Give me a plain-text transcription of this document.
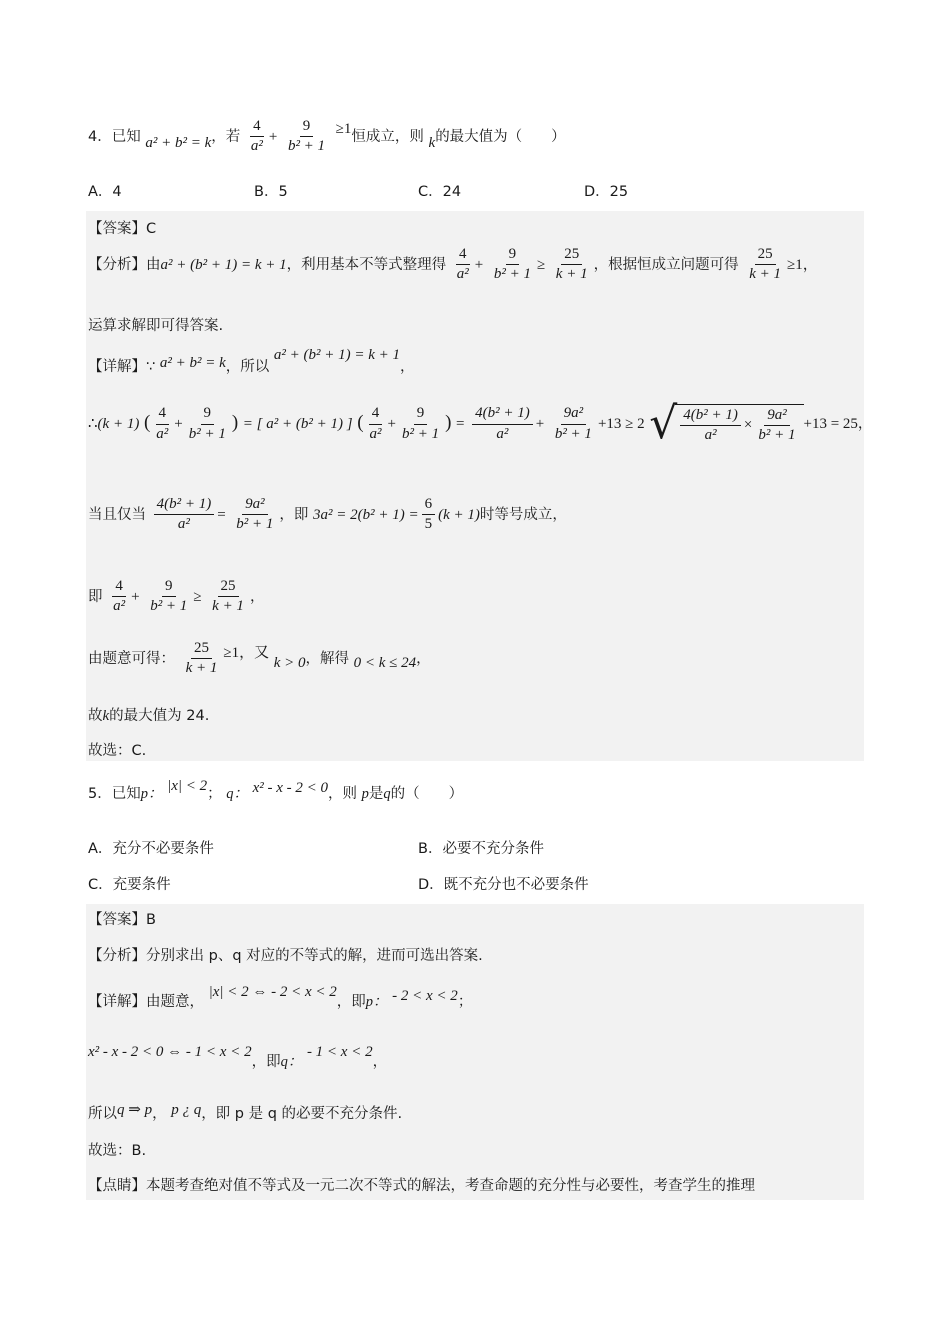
4．已知 a² + b² = k，若 $\frac{4}{\text{a²}} + \frac{9}{\text{b² + 1}} \ge 1$恒成立，则 k的最大值为（　　）
A．4	B．5	C．24	D．25
【答案】C
【分析】由a² + (b² + 1) = k + 1，利用基本不等式整理得 $\frac{4}{\text{a²}} + \frac{9}{\text{b² + 1}} \ge \frac{25}{k + 1}$ ，根据恒成立问题可得 $\frac{25}{k + 1} \ge 1$，
运算求解即可得答案.
【详解】∵ a² + b² = k，所以 a² + (b² + 1) = k + 1，
∴(k + 1) ( $\frac{4}{\text{a²}} + \frac{9}{\text{b² + 1}}$ ) = [ a² + (b² + 1) ] ( $\frac{4}{\text{a²}} + \frac{9}{\text{b² + 1}}$ ) = $\frac{\text{4(b² + 1)}}{\text{a²}} + \frac{\text{9a²}}{\text{b² + 1}} +13 \ge 2$ √ $\frac{\text{4(b² + 1)}}{\text{a²}} \times \frac{\text{9a²}}{\text{b² + 1}} +13 = 25$，
当且仅当 $\frac{\text{4(b² + 1)}}{\text{a²}} = \frac{\text{9a²}}{\text{b² + 1}}$ ，即 $3a^2 = 2(b^2 + 1) = \frac{6}{5} (k + 1)$时等号成立，
即 $\frac{4}{\text{a²}} + \frac{9}{\text{b² + 1}} \ge \frac{25}{k + 1}$ ，
由题意可得： $\frac{25}{k + 1} \ge 1$，又 k > 0，解得 0 < k ≤ 24，
故k的最大值为 24.
故选：C.
5．已知p： |x| < 2； q： x² - x - 2 < 0，则 p是q的（　　）
A．充分不必要条件	B．必要不充分条件
C．充要条件	D．既不充分也不必要条件
【答案】B
【分析】分别求出 p、q 对应的不等式的解，进而可选出答案.
【详解】由题意， |x| < 2 ⇔ - 2 < x < 2，即p： - 2 < x < 2；
x² - x - 2 < 0 ⇔ - 1 < x < 2，即q： - 1 < x < 2，
所以q ⇒ p， p ¿ q，即 p 是 q 的必要不充分条件.
故选：B.
【点睛】本题考查绝对值不等式及一元二次不等式的解法，考查命题的充分性与必要性，考查学生的推理
